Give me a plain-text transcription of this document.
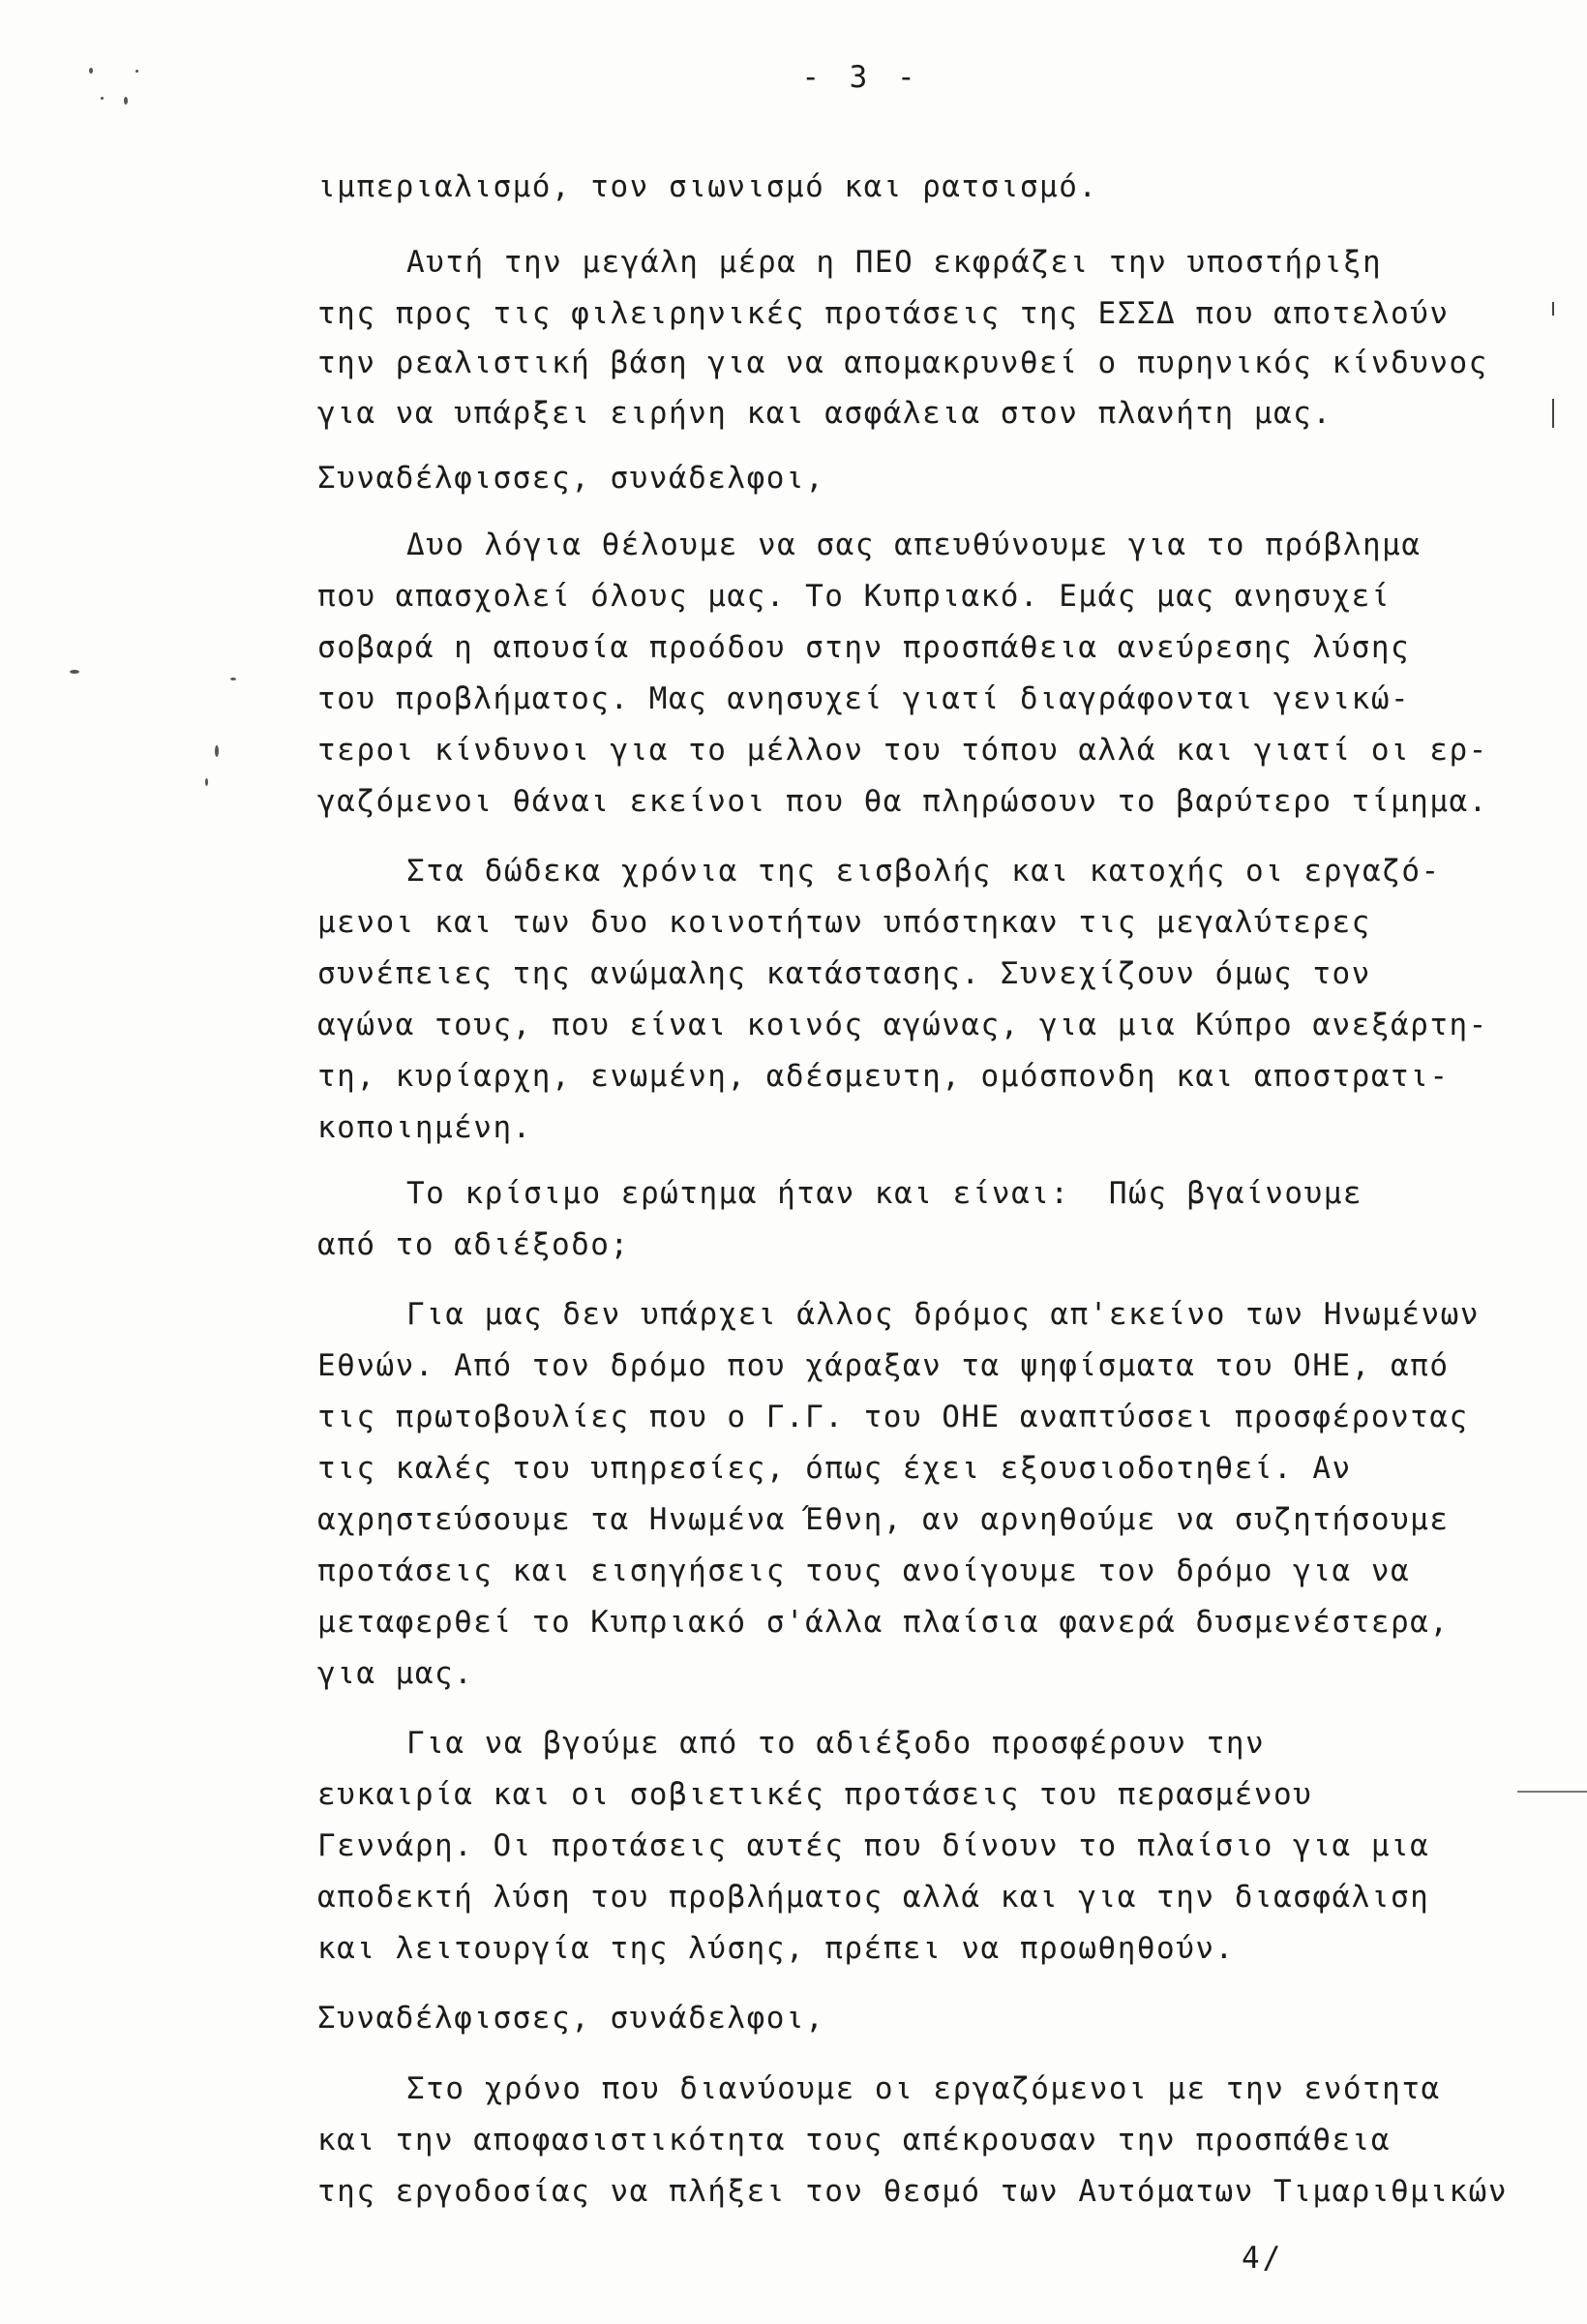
- 3 -
ιμπεριαλισμό, τον σιωνισμό και ρατσισμό.
Αυτή την μεγάλη μέρα η ΠΕΟ εκφράζει την υποστήριξη
της προς τις φιλειρηνικές προτάσεις της ΕΣΣΔ που αποτελούν
την ρεαλιστική βάση για να απομακρυνθεί ο πυρηνικός κίνδυνος
για να υπάρξει ειρήνη και ασφάλεια στον πλανήτη μας.
Συναδέλφισσες, συνάδελφοι,
Δυο λόγια θέλουμε να σας απευθύνουμε για το πρόβλημα
που απασχολεί όλους μας. Το Κυπριακό. Εμάς μας ανησυχεί
σοβαρά η απουσία προόδου στην προσπάθεια ανεύρεσης λύσης
του προβλήματος. Μας ανησυχεί γιατί διαγράφονται γενικώ-
τεροι κίνδυνοι για το μέλλον του τόπου αλλά και γιατί οι ερ-
γαζόμενοι θάναι εκείνοι που θα πληρώσουν το βαρύτερο τίμημα.
Στα δώδεκα χρόνια της εισβολής και κατοχής οι εργαζό-
μενοι και των δυο κοινοτήτων υπόστηκαν τις μεγαλύτερες
συνέπειες της ανώμαλης κατάστασης. Συνεχίζουν όμως τον
αγώνα τους, που είναι κοινός αγώνας, για μια Κύπρο ανεξάρτη-
τη, κυρίαρχη, ενωμένη, αδέσμευτη, ομόσπονδη και αποστρατι-
κοποιημένη.
Το κρίσιμο ερώτημα ήταν και είναι:  Πώς βγαίνουμε
από το αδιέξοδο;
Για μας δεν υπάρχει άλλος δρόμος απ'εκείνο των Ηνωμένων
Εθνών. Από τον δρόμο που χάραξαν τα ψηφίσματα του ΟΗΕ, από
τις πρωτοβουλίες που ο Γ.Γ. του ΟΗΕ αναπτύσσει προσφέροντας
τις καλές του υπηρεσίες, όπως έχει εξουσιοδοτηθεί. Αν
αχρηστεύσουμε τα Ηνωμένα Έθνη, αν αρνηθούμε να συζητήσουμε
προτάσεις και εισηγήσεις τους ανοίγουμε τον δρόμο για να
μεταφερθεί το Κυπριακό σ'άλλα πλαίσια φανερά δυσμενέστερα,
για μας.
Για να βγούμε από το αδιέξοδο προσφέρουν την
ευκαιρία και οι σοβιετικές προτάσεις του περασμένου
Γεννάρη. Οι προτάσεις αυτές που δίνουν το πλαίσιο για μια
αποδεκτή λύση του προβλήματος αλλά και για την διασφάλιση
και λειτουργία της λύσης, πρέπει να προωθηθούν.
Συναδέλφισσες, συνάδελφοι,
Στο χρόνο που διανύουμε οι εργαζόμενοι με την ενότητα
και την αποφασιστικότητα τους απέκρουσαν την προσπάθεια
της εργοδοσίας να πλήξει τον θεσμό των Αυτόματων Τιμαριθμικών
4/
